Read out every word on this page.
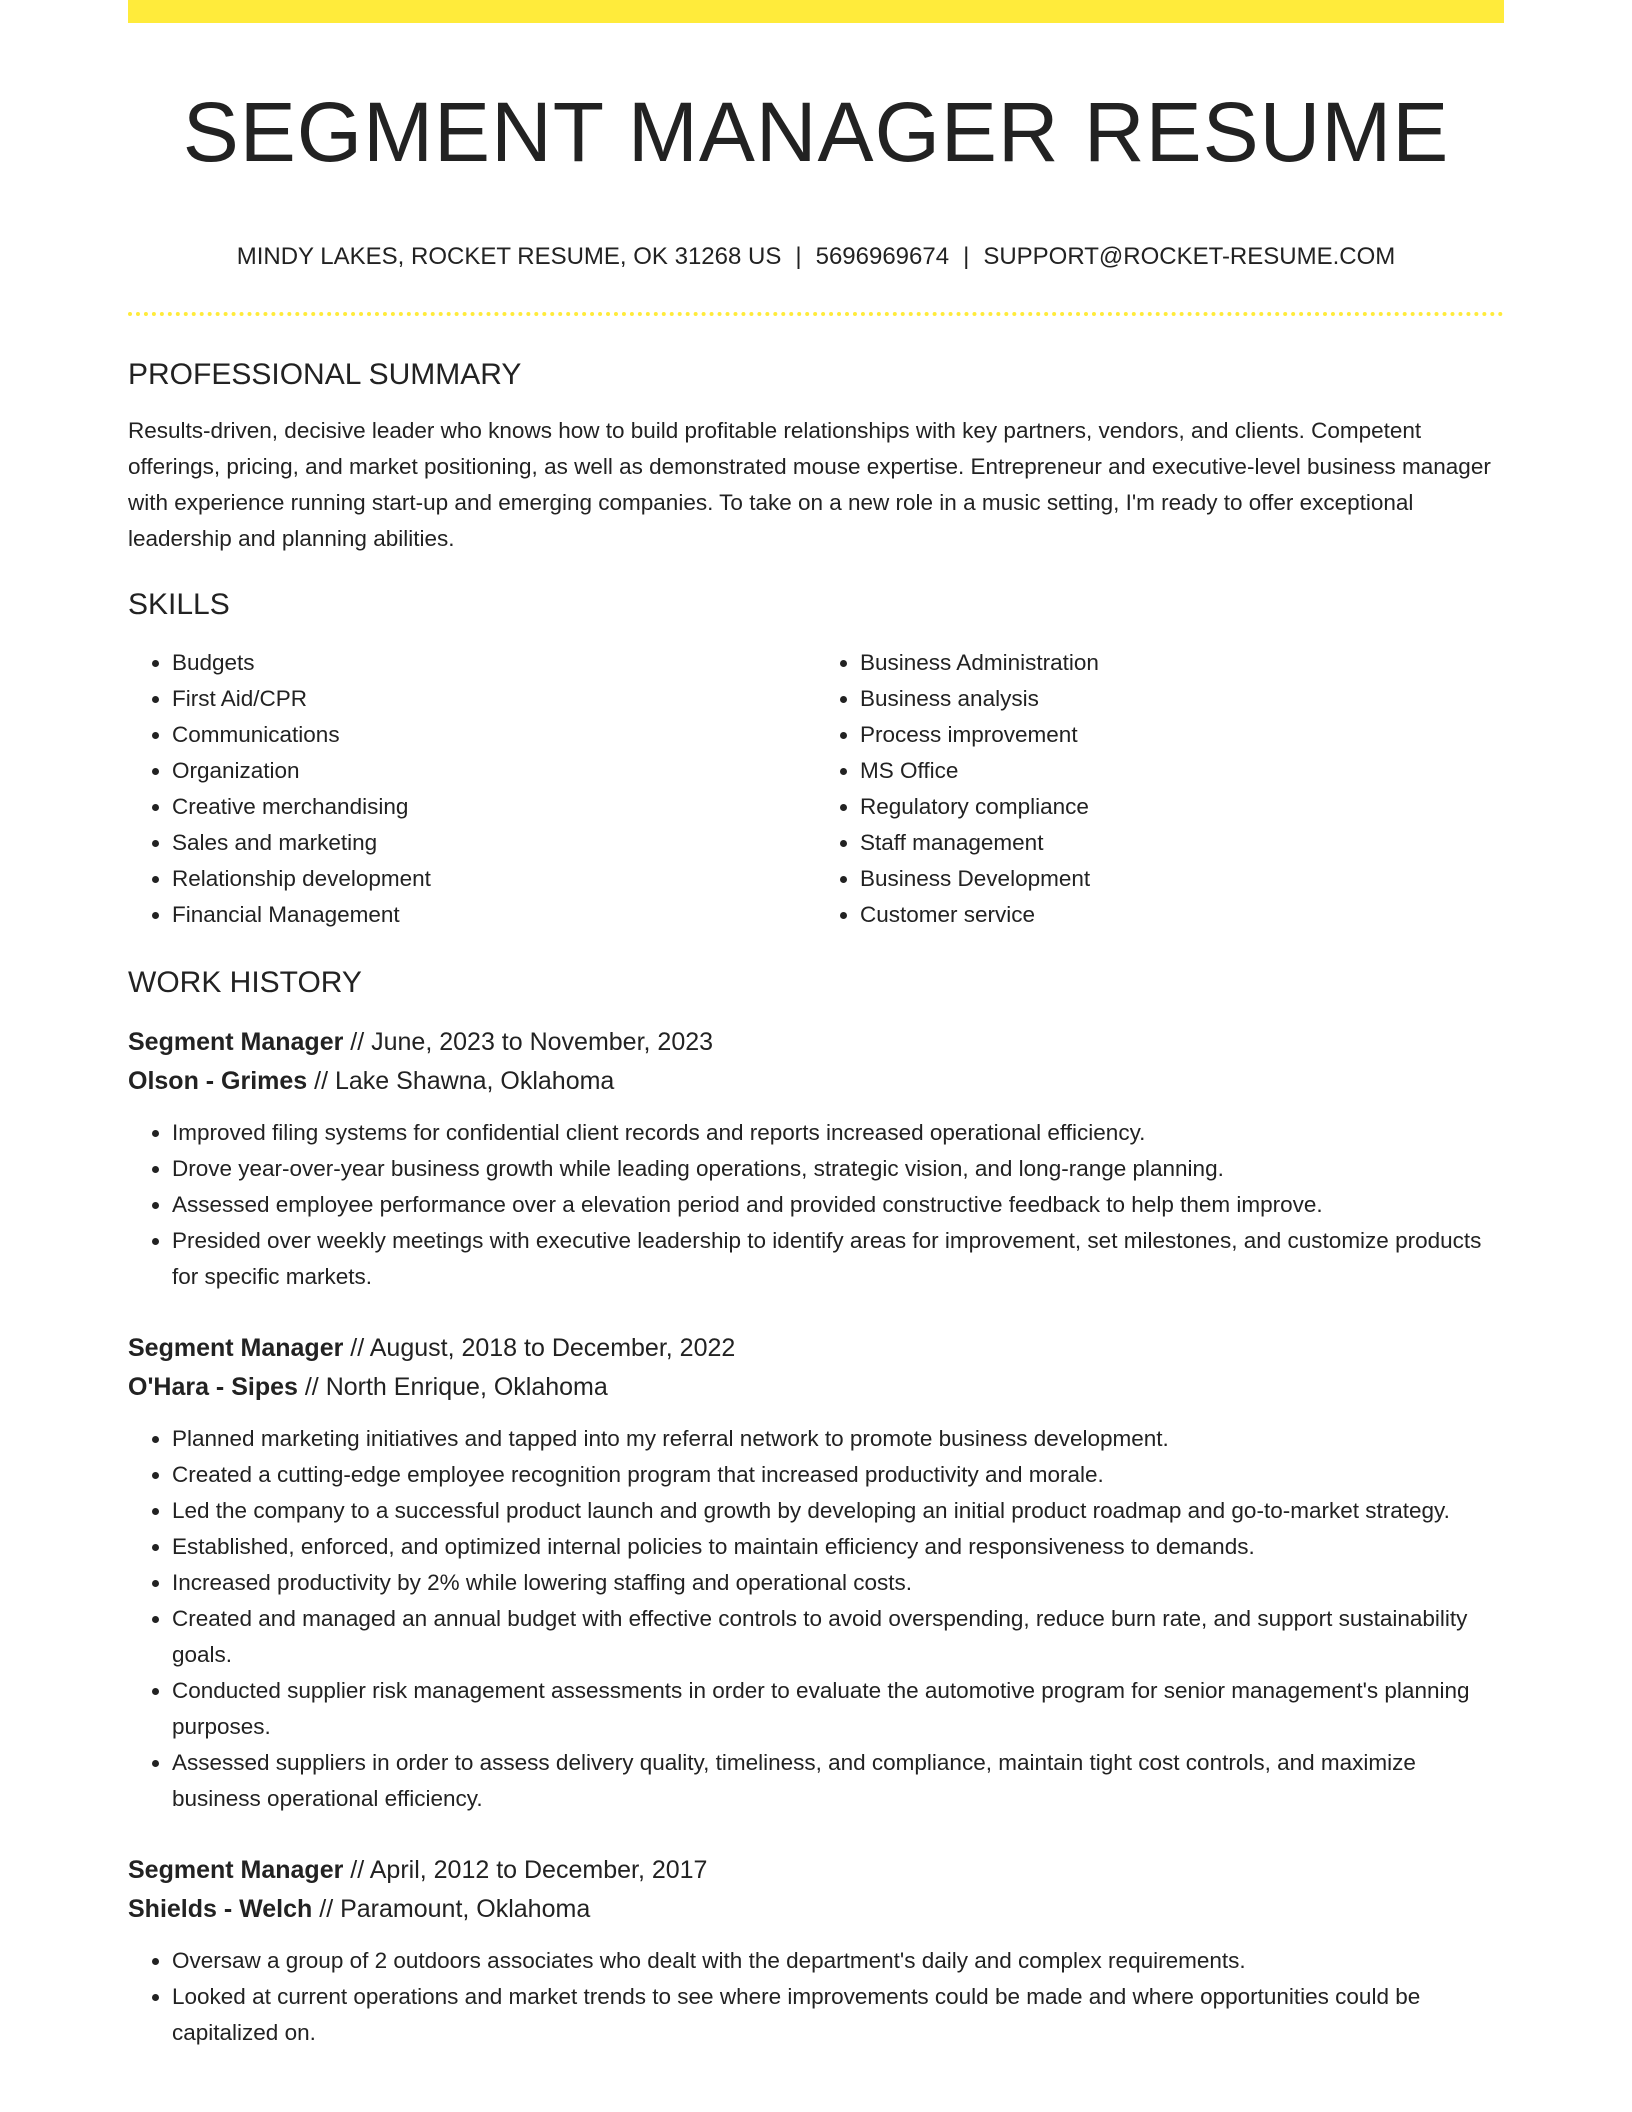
SEGMENT MANAGER RESUME
MINDY LAKES, ROCKET RESUME, OK 31268 US | 5696969674 | SUPPORT@ROCKET-RESUME.COM
PROFESSIONAL SUMMARY
Results-driven, decisive leader who knows how to build profitable relationships with key partners, vendors, and clients. Competent offerings, pricing, and market positioning, as well as demonstrated mouse expertise. Entrepreneur and executive-level business manager with experience running start-up and emerging companies. To take on a new role in a music setting, I'm ready to offer exceptional leadership and planning abilities.
SKILLS
• Budgets
• First Aid/CPR
• Communications
• Organization
• Creative merchandising
• Sales and marketing
• Relationship development
• Financial Management
• Business Administration
• Business analysis
• Process improvement
• MS Office
• Regulatory compliance
• Staff management
• Business Development
• Customer service
WORK HISTORY
Segment Manager // June, 2023 to November, 2023
Olson - Grimes // Lake Shawna, Oklahoma
• Improved filing systems for confidential client records and reports increased operational efficiency.
• Drove year-over-year business growth while leading operations, strategic vision, and long-range planning.
• Assessed employee performance over a elevation period and provided constructive feedback to help them improve.
• Presided over weekly meetings with executive leadership to identify areas for improvement, set milestones, and customize products for specific markets.
Segment Manager // August, 2018 to December, 2022
O'Hara - Sipes // North Enrique, Oklahoma
• Planned marketing initiatives and tapped into my referral network to promote business development.
• Created a cutting-edge employee recognition program that increased productivity and morale.
• Led the company to a successful product launch and growth by developing an initial product roadmap and go-to-market strategy.
• Established, enforced, and optimized internal policies to maintain efficiency and responsiveness to demands.
• Increased productivity by 2% while lowering staffing and operational costs.
• Created and managed an annual budget with effective controls to avoid overspending, reduce burn rate, and support sustainability goals.
• Conducted supplier risk management assessments in order to evaluate the automotive program for senior management's planning purposes.
• Assessed suppliers in order to assess delivery quality, timeliness, and compliance, maintain tight cost controls, and maximize business operational efficiency.
Segment Manager // April, 2012 to December, 2017
Shields - Welch // Paramount, Oklahoma
• Oversaw a group of 2 outdoors associates who dealt with the department's daily and complex requirements.
• Looked at current operations and market trends to see where improvements could be made and where opportunities could be capitalized on.
